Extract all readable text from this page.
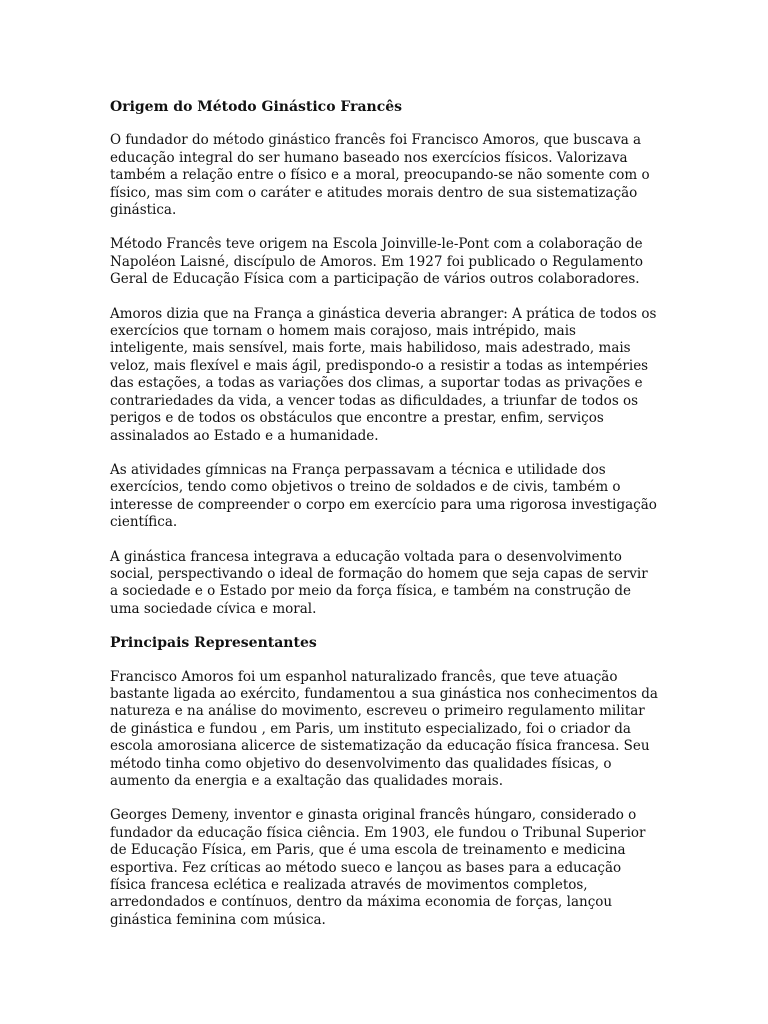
Origem do Método Ginástico Francês

O fundador do método ginástico francês foi Francisco Amoros, que buscava a educação integral do ser humano baseado nos exercícios físicos. Valorizava também a relação entre o físico e a moral, preocupando-se não somente com o físico, mas sim com o caráter e atitudes morais dentro de sua sistematização ginástica.

Método Francês teve origem na Escola Joinville-le-Pont com a colaboração de Napoléon Laisné, discípulo de Amoros. Em 1927 foi publicado o Regulamento Geral de Educação Física com a participação de vários outros colaboradores.

Amoros dizia que na França a ginástica deveria abranger: A prática de todos os exercícios que tornam o homem mais corajoso, mais intrépido, mais inteligente, mais sensível, mais forte, mais habilidoso, mais adestrado, mais veloz, mais flexível e mais ágil, predispondo-o a resistir a todas as intempéries das estações, a todas as variações dos climas, a suportar todas as privações e contrariedades da vida, a vencer todas as dificuldades, a triunfar de todos os perigos e de todos os obstáculos que encontre a prestar, enfim, serviços assinalados ao Estado e a humanidade.

As atividades gímnicas na França perpassavam a técnica e utilidade dos exercícios, tendo como objetivos o treino de soldados e de civis, também o interesse de compreender o corpo em exercício para uma rigorosa investigação científica.

A ginástica francesa integrava a educação voltada para o desenvolvimento social, perspectivando o ideal de formação do homem que seja capas de servir a sociedade e o Estado por meio da força física, e também na construção de uma sociedade cívica e moral.

Principais Representantes

Francisco Amoros foi um espanhol naturalizado francês, que teve atuação bastante ligada ao exército, fundamentou a sua ginástica nos conhecimentos da natureza e na análise do movimento, escreveu o primeiro regulamento militar de ginástica e fundou , em Paris, um instituto especializado, foi o criador da escola amorosiana alicerce de sistematização da educação física francesa. Seu método tinha como objetivo do desenvolvimento das qualidades físicas, o aumento da energia e a exaltação das qualidades morais.

Georges Demeny, inventor e ginasta original francês húngaro, considerado o fundador da educação física ciência. Em 1903, ele fundou o Tribunal Superior de Educação Física, em Paris, que é uma escola de treinamento e medicina esportiva. Fez críticas ao método sueco e lançou as bases para a educação física francesa eclética e realizada através de movimentos completos, arredondados e contínuos, dentro da máxima economia de forças, lançou ginástica feminina com música.
